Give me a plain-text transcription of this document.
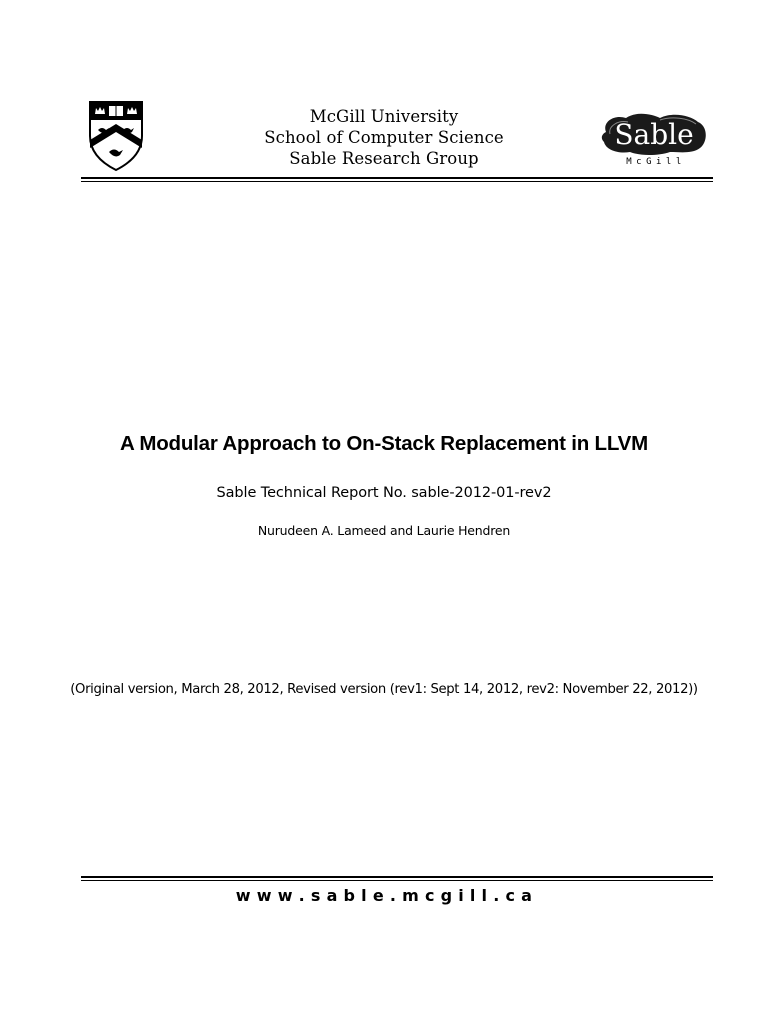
McGill University
School of Computer Science
Sable Research Group
Sable
McGill
A Modular Approach to On-Stack Replacement in LLVM
Sable Technical Report No. sable-2012-01-rev2
Nurudeen A. Lameed and Laurie Hendren
(Original version, March 28, 2012, Revised version (rev1: Sept 14, 2012, rev2: November 22, 2012))
w w w . s a b l e . m c g i l l . c a
